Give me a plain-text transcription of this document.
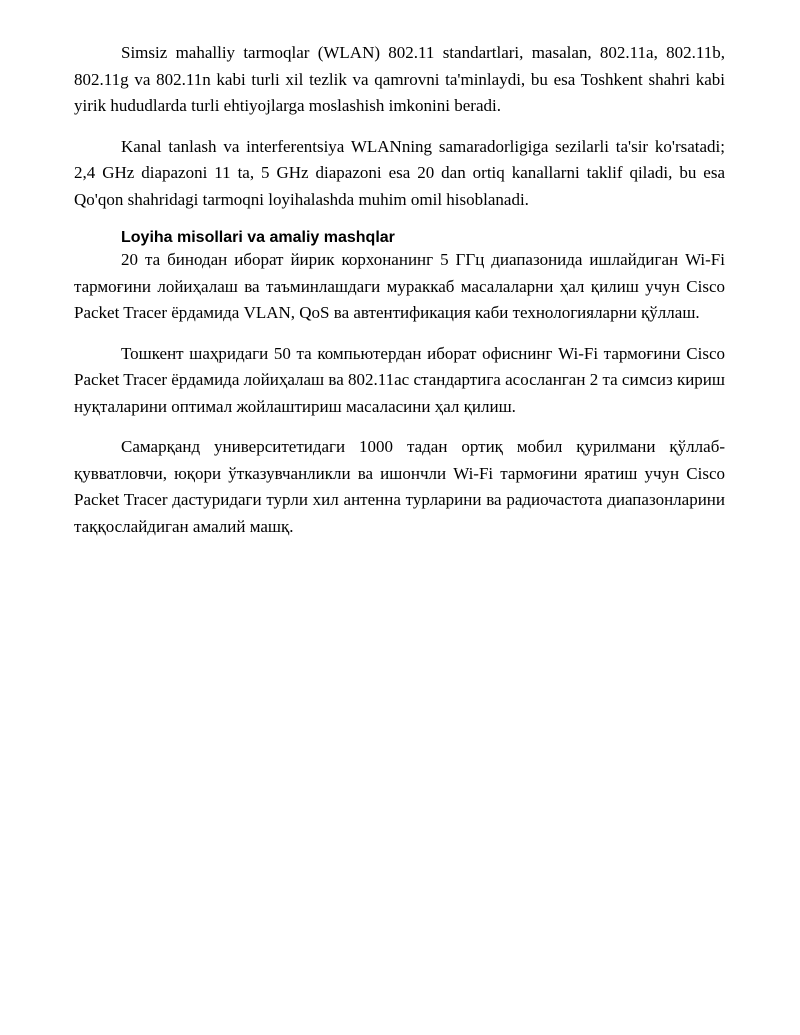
Simsiz mahalliy tarmoqlar (WLAN) 802.11 standartlari, masalan, 802.11a, 802.11b, 802.11g va 802.11n kabi turli xil tezlik va qamrovni ta'minlaydi, bu esa Toshkent shahri kabi yirik hududlarda turli ehtiyojlarga moslashish imkonini beradi.

Kanal tanlash va interferentsiya WLANning samaradorligiga sezilarli ta'sir ko'rsatadi; 2,4 GHz diapazoni 11 ta, 5 GHz diapazoni esa 20 dan ortiq kanallarni taklif qiladi, bu esa Qo'qon shahridagi tarmoqni loyihalashda muhim omil hisoblanadi.

Loyiha misollari va amaliy mashqlar

20 та бинодан иборат йирик корхонанинг 5 ГГц диапазонида ишлайдиган Wi-Fi тармоғини лойиҳалаш ва таъминлашдаги мураккаб масалаларни ҳал қилиш учун Cisco Packet Tracer ёрдамида VLAN, QoS ва автентификация каби технологияларни қўллаш.

Тошкент шаҳридаги 50 та компьютердан иборат офиснинг Wi-Fi тармоғини Cisco Packet Tracer ёрдамида лойиҳалаш ва 802.11ac стандартига асосланган 2 та симсиз кириш нуқталарини оптимал жойлаштириш масаласини ҳал қилиш.

Самарқанд университетидаги 1000 тадан ортиқ мобил қурилмани қўллаб-қувватловчи, юқори ўтказувчанликли ва ишончли Wi-Fi тармоғини яратиш учун Cisco Packet Tracer дастуридаги турли хил антенна турларини ва радиочастота диапазонларини таққослайдиган амалий машқ.
